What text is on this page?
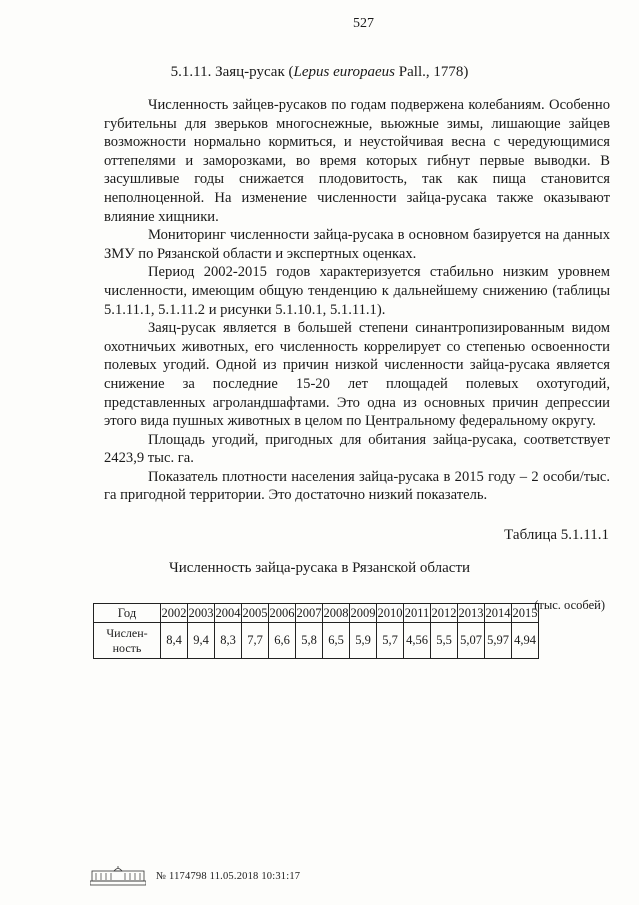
527
5.1.11. Заяц-русак (Lepus europaeus Pall., 1778)

Численность зайцев-русаков по годам подвержена колебаниям. Особенно губительны для зверьков многоснежные, вьюжные зимы, лишающие зайцев возможности нормально кормиться, и неустойчивая весна с чередующимися оттепелями и заморозками, во время которых гибнут первые выводки. В засушливые годы снижается плодовитость, так как пища становится неполноценной. На изменение численности зайца-русака также оказывают влияние хищники.

Мониторинг численности зайца-русака в основном базируется на данных ЗМУ по Рязанской области и экспертных оценках.

Период 2002-2015 годов характеризуется стабильно низким уровнем численности, имеющим общую тенденцию к дальнейшему снижению (таблицы 5.1.11.1, 5.1.11.2 и рисунки 5.1.10.1, 5.1.11.1).

Заяц-русак является в большей степени синантропизированным видом охотничьих животных, его численность коррелирует со степенью освоенности полевых угодий. Одной из причин низкой численности зайца-русака является снижение за последние 15-20 лет площадей полевых охотугодий, представленных агроландшафтами. Это одна из основных причин депрессии этого вида пушных животных в целом по Центральному федеральному округу.

Площадь угодий, пригодных для обитания зайца-русака, соответствует 2423,9 тыс. га.

Показатель плотности населения зайца-русака в 2015 году – 2 особи/тыс. га пригодной территории. Это достаточно низкий показатель.

Таблица 5.1.11.1
Численность зайца-русака в Рязанской области
(тыс. особей)
Год	2002	2003	2004	2005	2006	2007	2008	2009	2010	2011	2012	2013	2014	2015
Числен-
ность	8,4	9,4	8,3	7,7	6,6	5,8	6,5	5,9	5,7	4,56	5,5	5,07	5,97	4,94
№ 1174798 11.05.2018 10:31:17
